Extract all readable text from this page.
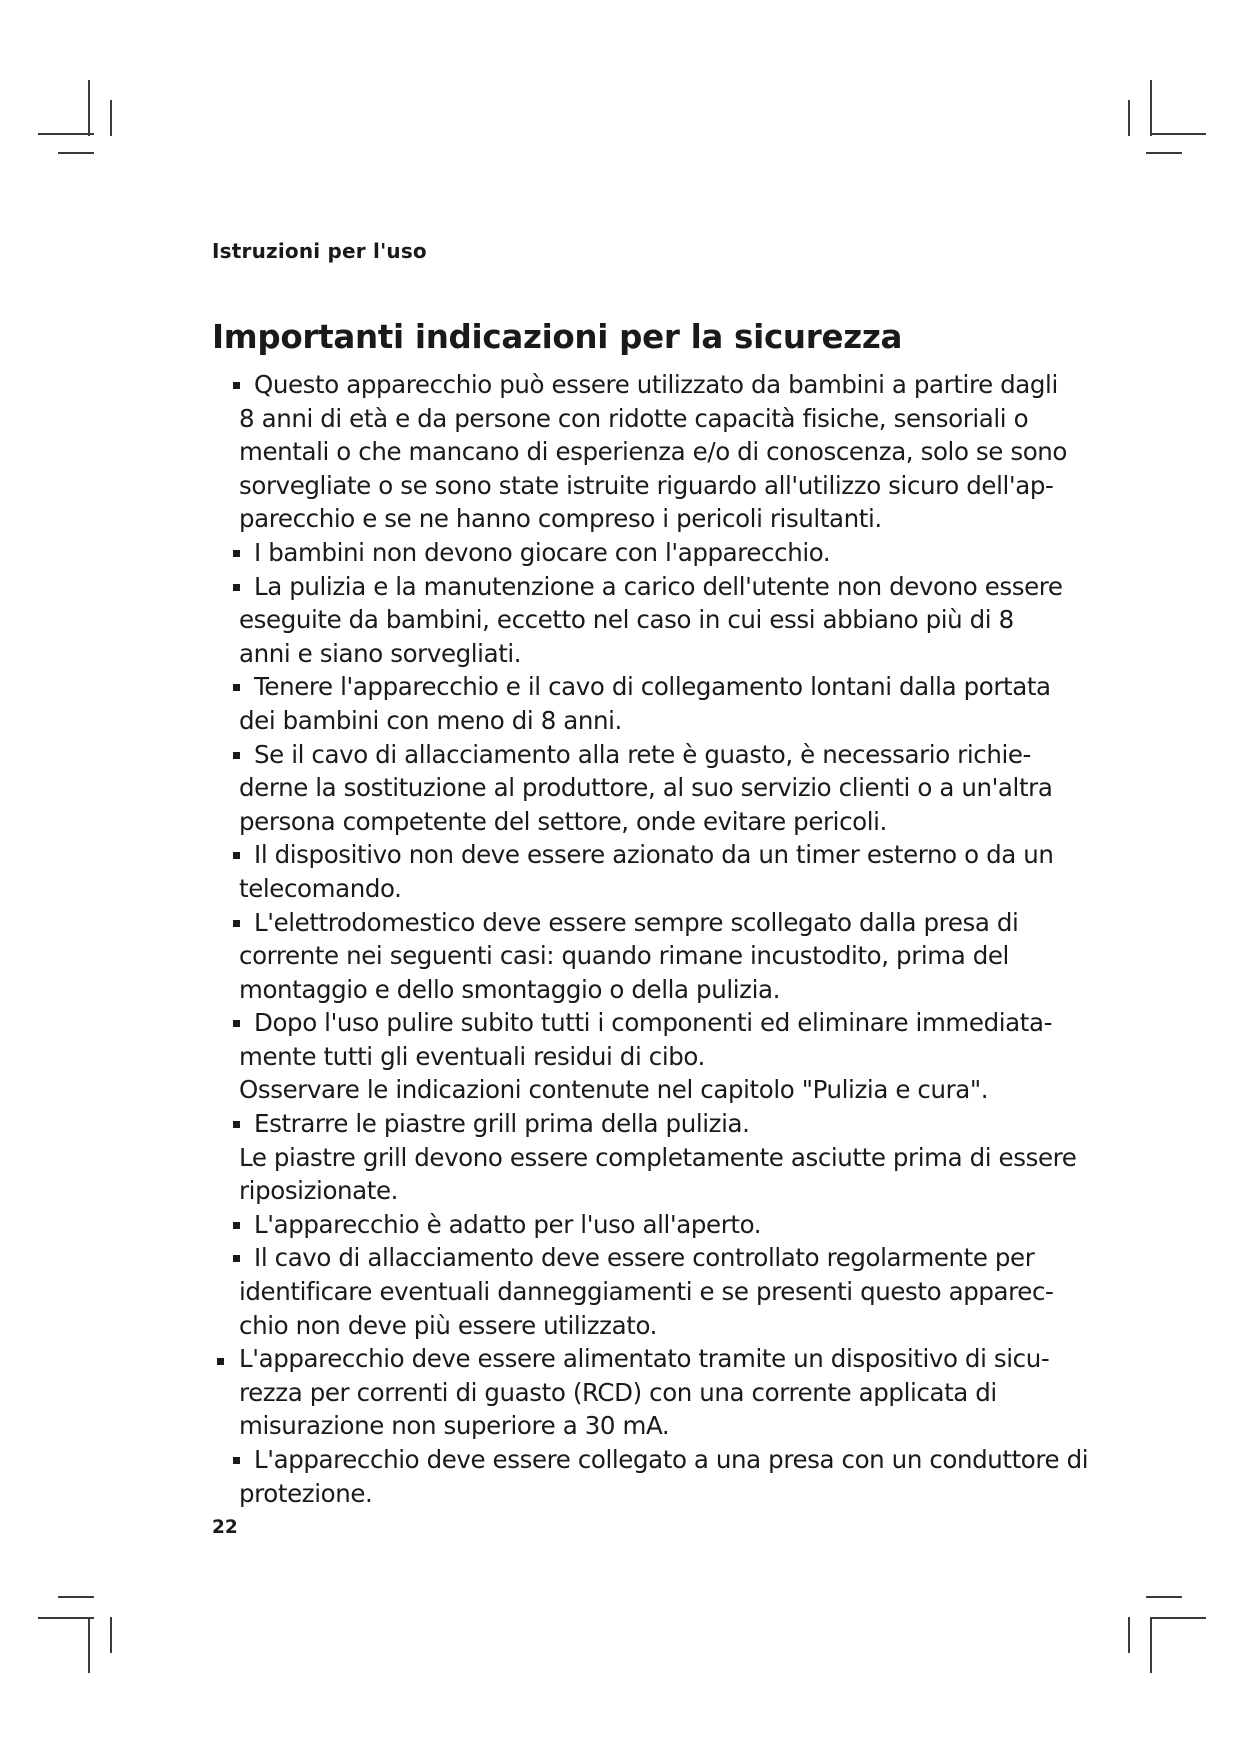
Istruzioni per l'uso
Importanti indicazioni per la sicurezza
Questo apparecchio può essere utilizzato da bambini a partire dagli
8 anni di età e da persone con ridotte capacità fisiche, sensoriali o
mentali o che mancano di esperienza e/o di conoscenza, solo se sono
sorvegliate o se sono state istruite riguardo all'utilizzo sicuro dell'ap-
parecchio e se ne hanno compreso i pericoli risultanti.
I bambini non devono giocare con l'apparecchio.
La pulizia e la manutenzione a carico dell'utente non devono essere
eseguite da bambini, eccetto nel caso in cui essi abbiano più di 8
anni e siano sorvegliati.
Tenere l'apparecchio e il cavo di collegamento lontani dalla portata
dei bambini con meno di 8 anni.
Se il cavo di allacciamento alla rete è guasto, è necessario richie-
derne la sostituzione al produttore, al suo servizio clienti o a un'altra
persona competente del settore, onde evitare pericoli.
Il dispositivo non deve essere azionato da un timer esterno o da un
telecomando.
L'elettrodomestico deve essere sempre scollegato dalla presa di
corrente nei seguenti casi: quando rimane incustodito, prima del
montaggio e dello smontaggio o della pulizia.
Dopo l'uso pulire subito tutti i componenti ed eliminare immediata-
mente tutti gli eventuali residui di cibo.
Osservare le indicazioni contenute nel capitolo "Pulizia e cura".
Estrarre le piastre grill prima della pulizia.
Le piastre grill devono essere completamente asciutte prima di essere
riposizionate.
L'apparecchio è adatto per l'uso all'aperto.
Il cavo di allacciamento deve essere controllato regolarmente per
identificare eventuali danneggiamenti e se presenti questo apparec-
chio non deve più essere utilizzato.
L'apparecchio deve essere alimentato tramite un dispositivo di sicu-
rezza per correnti di guasto (RCD) con una corrente applicata di
misurazione non superiore a 30 mA.
L'apparecchio deve essere collegato a una presa con un conduttore di
protezione.
22
